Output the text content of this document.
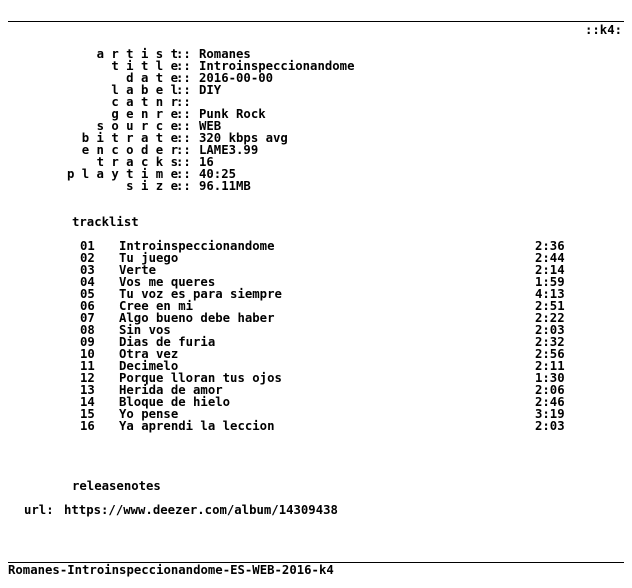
::k4:
a r t i s t
:: Romanes
t i t l e
:: Introinspeccionandome
d a t e
:: 2016-00-00
l a b e l
:: DIY
c a t n r
::
g e n r e
:: Punk Rock
s o u r c e
:: WEB
b i t r a t e
:: 320 kbps avg
e n c o d e r
:: LAME3.99
t r a c k s
:: 16
p l a y t i m e
:: 40:25
s i z e
:: 96.11MB
tracklist
01 Introinspeccionandome	2:36
02 Tu juego	2:44
03 Verte	2:14
04 Vos me queres	1:59
05 Tu voz es para siempre	4:13
06 Cree en mi	2:51
07 Algo bueno debe haber	2:22
08 Sin vos	2:03
09 Dias de furia	2:32
10 Otra vez	2:56
11 Decimelo	2:11
12 Porque lloran tus ojos	1:30
13 Herida de amor	2:06
14 Bloque de hielo	2:46
15 Yo pense	3:19
16 Ya aprendi la leccion	2:03
releasenotes
url: https://www.deezer.com/album/14309438
Romanes-Introinspeccionandome-ES-WEB-2016-k4
